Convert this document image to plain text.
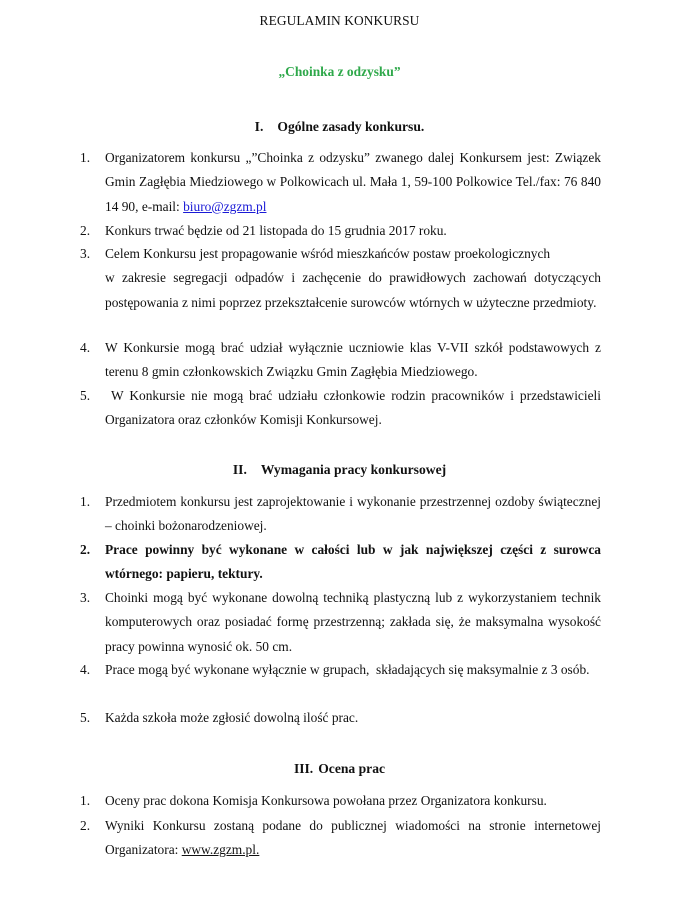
REGULAMIN KONKURSU
„Choinka z odzysku”
I. Ogólne zasady konkursu.
1.	Organizatorem konkursu „”Choinka z odzysku” zwanego dalej Konkursem jest: Związek Gmin Zagłębia Miedziowego w Polkowicach ul. Mała 1, 59-100 Polkowice Tel./fax: 76 840 14 90, e-mail: biuro@zgzm.pl
2.	Konkurs trwać będzie od 21 listopada do 15 grudnia 2017 roku.
3.	Celem Konkursu jest propagowanie wśród mieszkańców postaw proekologicznych
w zakresie segregacji odpadów i zachęcenie do prawidłowych zachowań dotyczących postępowania z nimi poprzez przekształcenie surowców wtórnych w użyteczne przedmioty.
4.	W Konkursie mogą brać udział wyłącznie uczniowie klas V-VII szkół podstawowych z terenu 8 gmin członkowskich Związku Gmin Zagłębia Miedziowego.
5.	W Konkursie nie mogą brać udziału członkowie rodzin pracowników i przedstawicieli Organizatora oraz członków Komisji Konkursowej.
II. Wymagania pracy konkursowej
1.	Przedmiotem konkursu jest zaprojektowanie i wykonanie przestrzennej ozdoby świątecznej – choinki bożonarodzeniowej.
2.	Prace powinny być wykonane w całości lub w jak największej części z surowca wtórnego: papieru, tektury.
3.	Choinki mogą być wykonane dowolną techniką plastyczną lub z wykorzystaniem technik komputerowych oraz posiadać formę przestrzenną; zakłada się, że maksymalna wysokość pracy powinna wynosić ok. 50 cm.
4.	Prace mogą być wykonane wyłącznie w grupach,  składających się maksymalnie z 3 osób.
5.	Każda szkoła może zgłosić dowolną ilość prac.
III. Ocena prac
1.	Oceny prac dokona Komisja Konkursowa powołana przez Organizatora konkursu.
2.	Wyniki Konkursu zostaną podane do publicznej wiadomości na stronie internetowej Organizatora: www.zgzm.pl.
